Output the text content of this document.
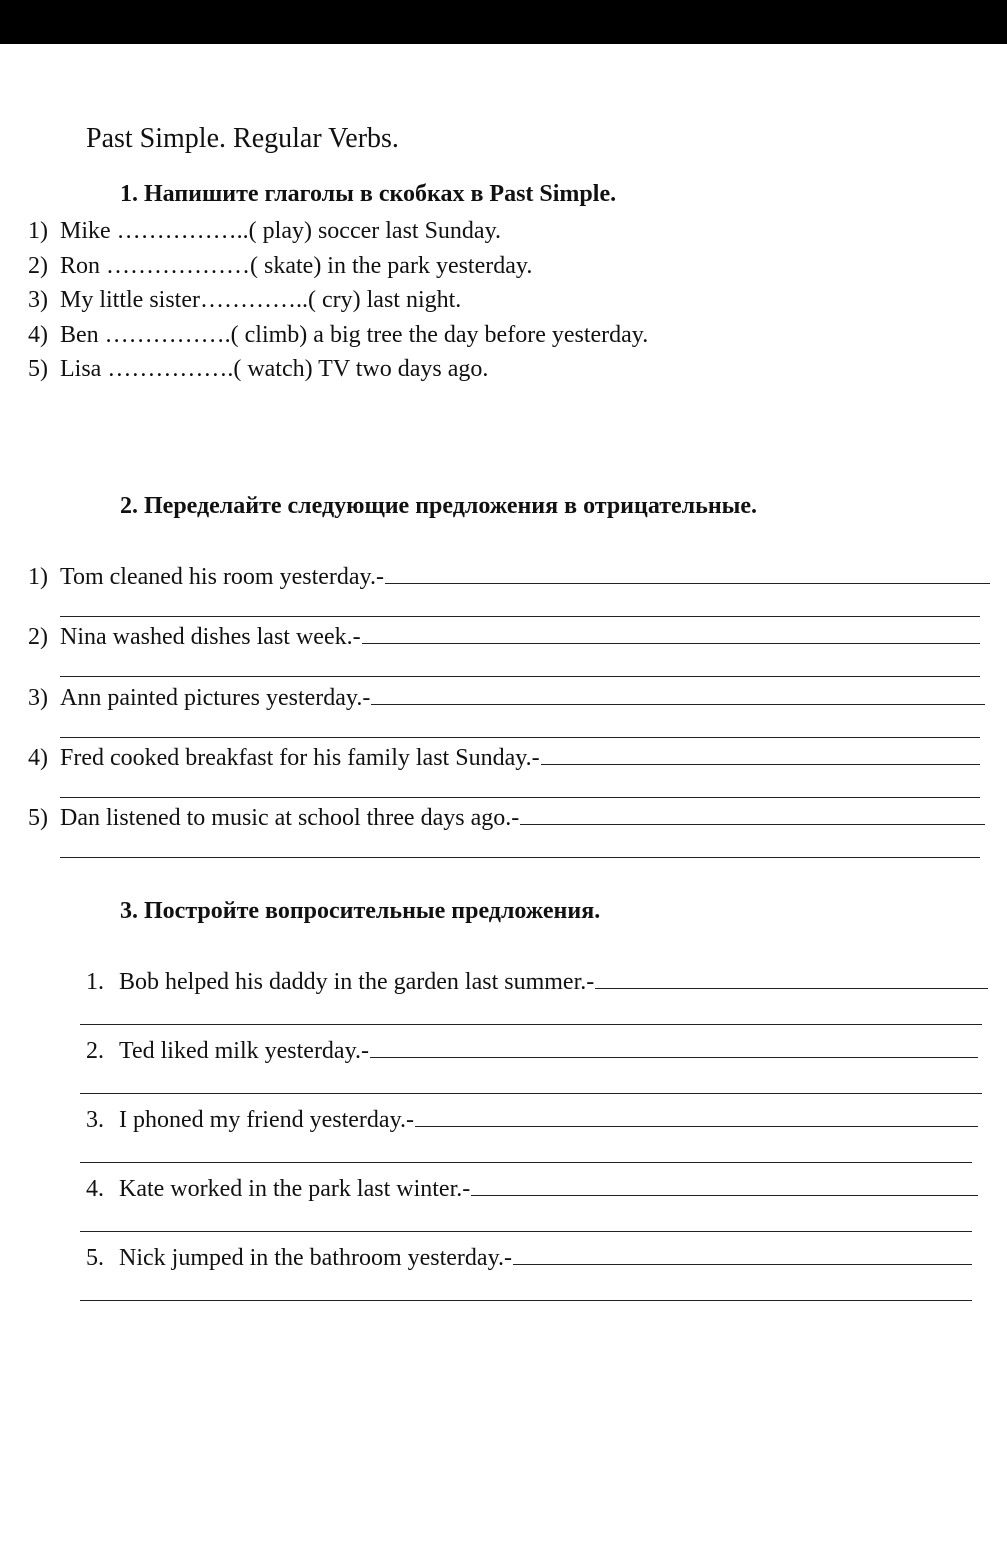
Past Simple. Regular Verbs.
1. Напишите глаголы в скобках в Past Simple.
2. Переделайте следующие предложения в отрицательные.
3. Постройте вопросительные предложения.
1) Mike ……………..( play) soccer last Sunday.
2) Ron ………………( skate) in the park yesterday.
3) My little sister…………..( cry) last night.
4) Ben …………….( climb) a big tree the day before yesterday.
5) Lisa …………….( watch) TV two days ago.
1) Tom cleaned his room yesterday.-
2) Nina washed dishes last week.-
3) Ann painted pictures yesterday.-
4) Fred cooked breakfast for his family last Sunday.-
5) Dan listened to music at school three days ago.-
1. Bob helped his daddy in the garden last summer.-
2. Ted liked milk yesterday.-
3. I phoned my friend yesterday.-
4. Kate worked in the park last winter.-
5. Nick jumped in the bathroom yesterday.-
